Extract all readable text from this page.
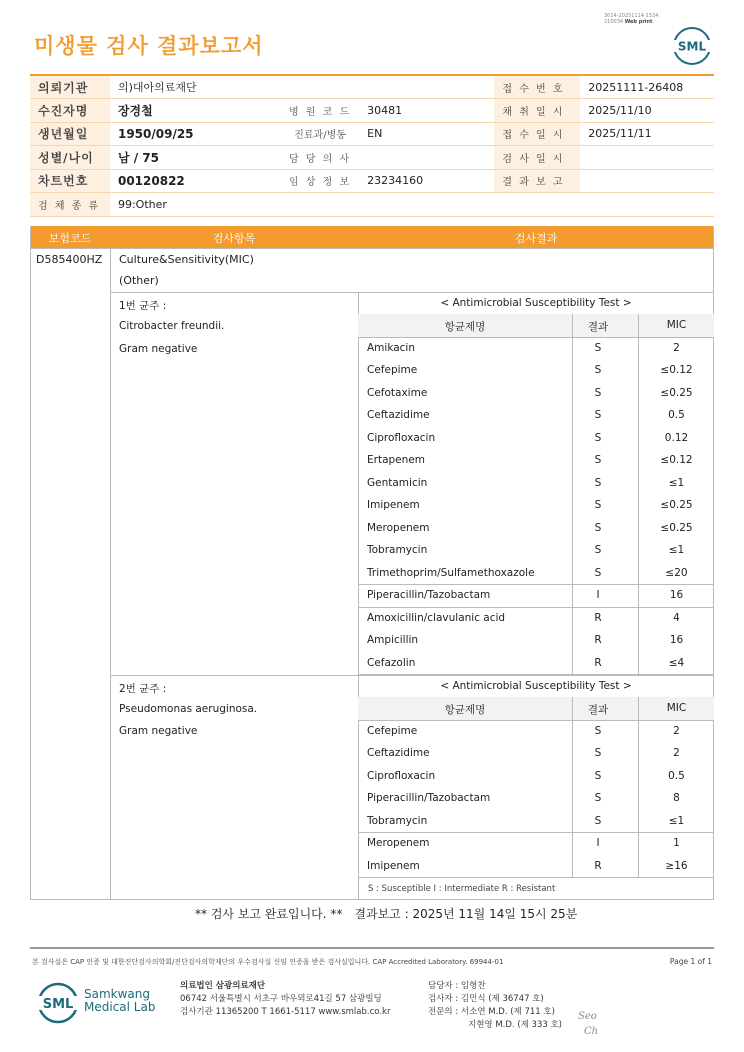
미생물 검사 결과보고서
3014-20251114-1534
210034 Web print
SML
의뢰기관	의)대아의료재단			접 수 번 호	20251111-26408
수진자명	장경철	병 원 코 드	30481	채 취 일 시	2025/11/10
생년월일	1950/09/25	진료과/병동	EN	접 수 일 시	2025/11/11
성별/나이	남 / 75	담 당 의 사		검 사 일 시	
차트번호	00120822	임 상 정 보	23234160	결 과 보 고	
검 체 종 류	99:Other				
보험코드	검사항목	검사결과
D585400HZ Culture&Sensitivity(MIC)
(Other)
1번 균주 :
Citrobacter freundii.
Gram negative
2번 균주 :
Pseudomonas aeruginosa.
Gram negative
< Antimicrobial Susceptibility Test >
항균제명	결과	MIC
Amikacin	S	2
Cefepime	S	≤0.12
Cefotaxime	S	≤0.25
Ceftazidime	S	0.5
Ciprofloxacin	S	0.12
Ertapenem	S	≤0.12
Gentamicin	S	≤1
Imipenem	S	≤0.25
Meropenem	S	≤0.25
Tobramycin	S	≤1
Trimethoprim/Sulfamethoxazole	S	≤20
Piperacillin/Tazobactam	I	16
Amoxicillin/clavulanic acid	R	4
Ampicillin	R	16
Cefazolin	R	≤4
< Antimicrobial Susceptibility Test >
항균제명	결과	MIC
Cefepime	S	2
Ceftazidime	S	2
Ciprofloxacin	S	0.5
Piperacillin/Tazobactam	S	8
Tobramycin	S	≤1
Meropenem	I	1
Imipenem	R	≥16
S : Susceptible I : Intermediate R : Resistant
** 검사 보고 완료입니다. ** 결과보고 : 2025년 11월 14일 15시 25분
본 검사실은 CAP 인증 및 대한진단검사의학회/진단검사의학재단의 우수검사실 신임 인증을 받은 검사실입니다. CAP Accredited Laboratory. 69944-01	Page 1 of 1
SML
Samkwang
Medical Lab
의료법인 삼광의료재단
06742 서울특별시 서초구 바우뫼로41길 57 삼광빌딩
검사기관 11365200 T 1661-5117 www.smlab.co.kr
담당자 : 임형찬
검사자 : 김민식 (제 36747 호)
전문의 : 서소연 M.D. (제 711 호)
지현영 M.D. (제 333 호)
Seo
Ch
